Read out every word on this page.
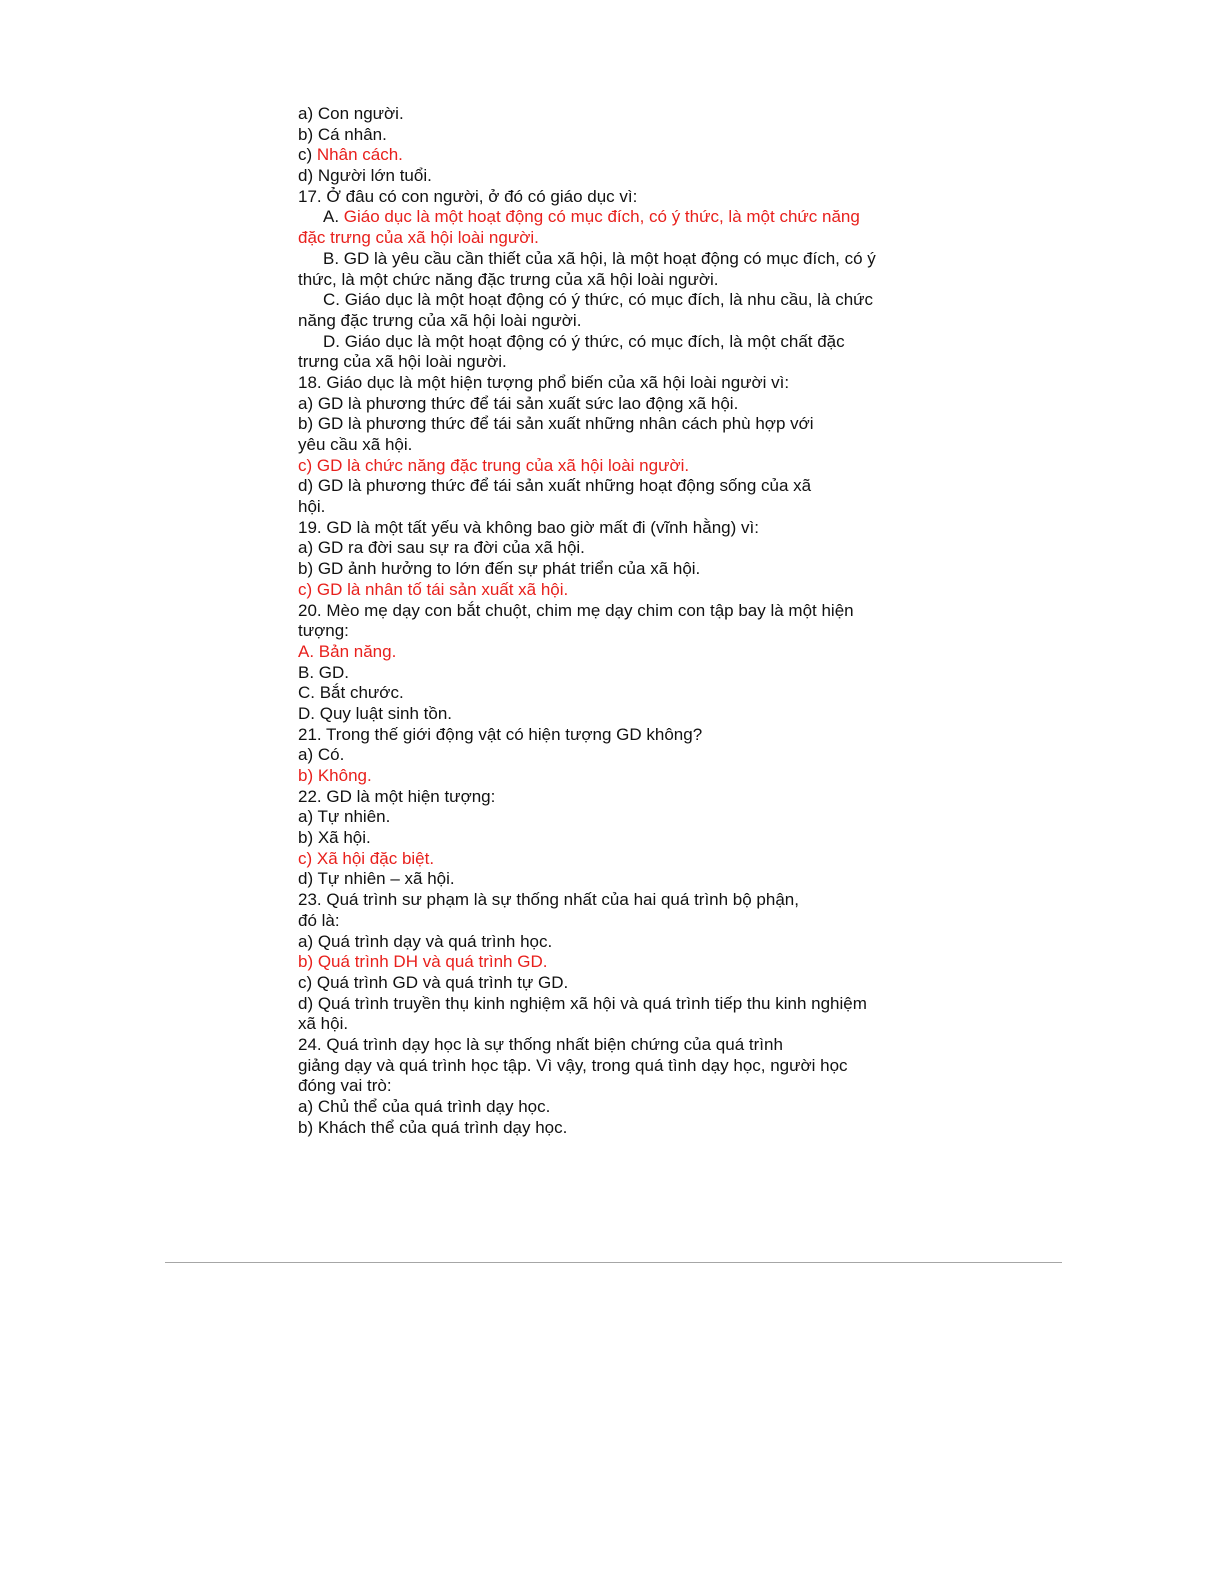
a) Con người.
b) Cá nhân.
c) Nhân cách.
d) Người lớn tuổi.
17. Ở đâu có con người, ở đó có giáo dục vì:
A. Giáo dục là một hoạt động có mục đích, có ý thức, là một chức năng
đặc trưng của xã hội loài người.
B. GD là yêu cầu cần thiết của xã hội, là một hoạt động có mục đích, có ý
thức, là một chức năng đặc trưng của xã hội loài người.
C. Giáo dục là một hoạt động có ý thức, có mục đích, là nhu cầu, là chức
năng đặc trưng của xã hội loài người.
D. Giáo dục là một hoạt động có ý thức, có mục đích, là một chất đặc
trưng của xã hội loài người.
18. Giáo dục là một hiện tượng phổ biến của xã hội loài người vì:
a) GD là phương thức để tái sản xuất sức lao động xã hội.
b) GD là phương thức để tái sản xuất những nhân cách phù hợp với
yêu cầu xã hội.
c) GD là chức năng đặc trung của xã hội loài người.
d) GD là phương thức để tái sản xuất những hoạt động sống của xã
hội.
19. GD là một tất yếu và không bao giờ mất đi (vĩnh hằng) vì:
a) GD ra đời sau sự ra đời của xã hội.
b) GD ảnh hưởng to lớn đến sự phát triển của xã hội.
c) GD là nhân tố tái sản xuất xã hội.
20. Mèo mẹ dạy con bắt chuột, chim mẹ dạy chim con tập bay là một hiện
tượng:
A. Bản năng.
B. GD.
C. Bắt chước.
D. Quy luật sinh tồn.
21. Trong thế giới động vật có hiện tượng GD không?
a) Có.
b) Không.
22. GD là một hiện tượng:
a) Tự nhiên.
b) Xã hội.
c) Xã hội đặc biệt.
d) Tự nhiên – xã hội.
23. Quá trình sư phạm là sự thống nhất của hai quá trình bộ phận,
đó là:
a) Quá trình dạy và quá trình học.
b) Quá trình DH và quá trình GD.
c) Quá trình GD và quá trình tự GD.
d) Quá trình truyền thụ kinh nghiệm xã hội và quá trình tiếp thu kinh nghiệm
xã hội.
24. Quá trình dạy học là sự thống nhất biện chứng của quá trình
giảng dạy và quá trình học tập. Vì vậy, trong quá tình dạy học, người học
đóng vai trò:
a) Chủ thể của quá trình dạy học.
b) Khách thể của quá trình dạy học.
